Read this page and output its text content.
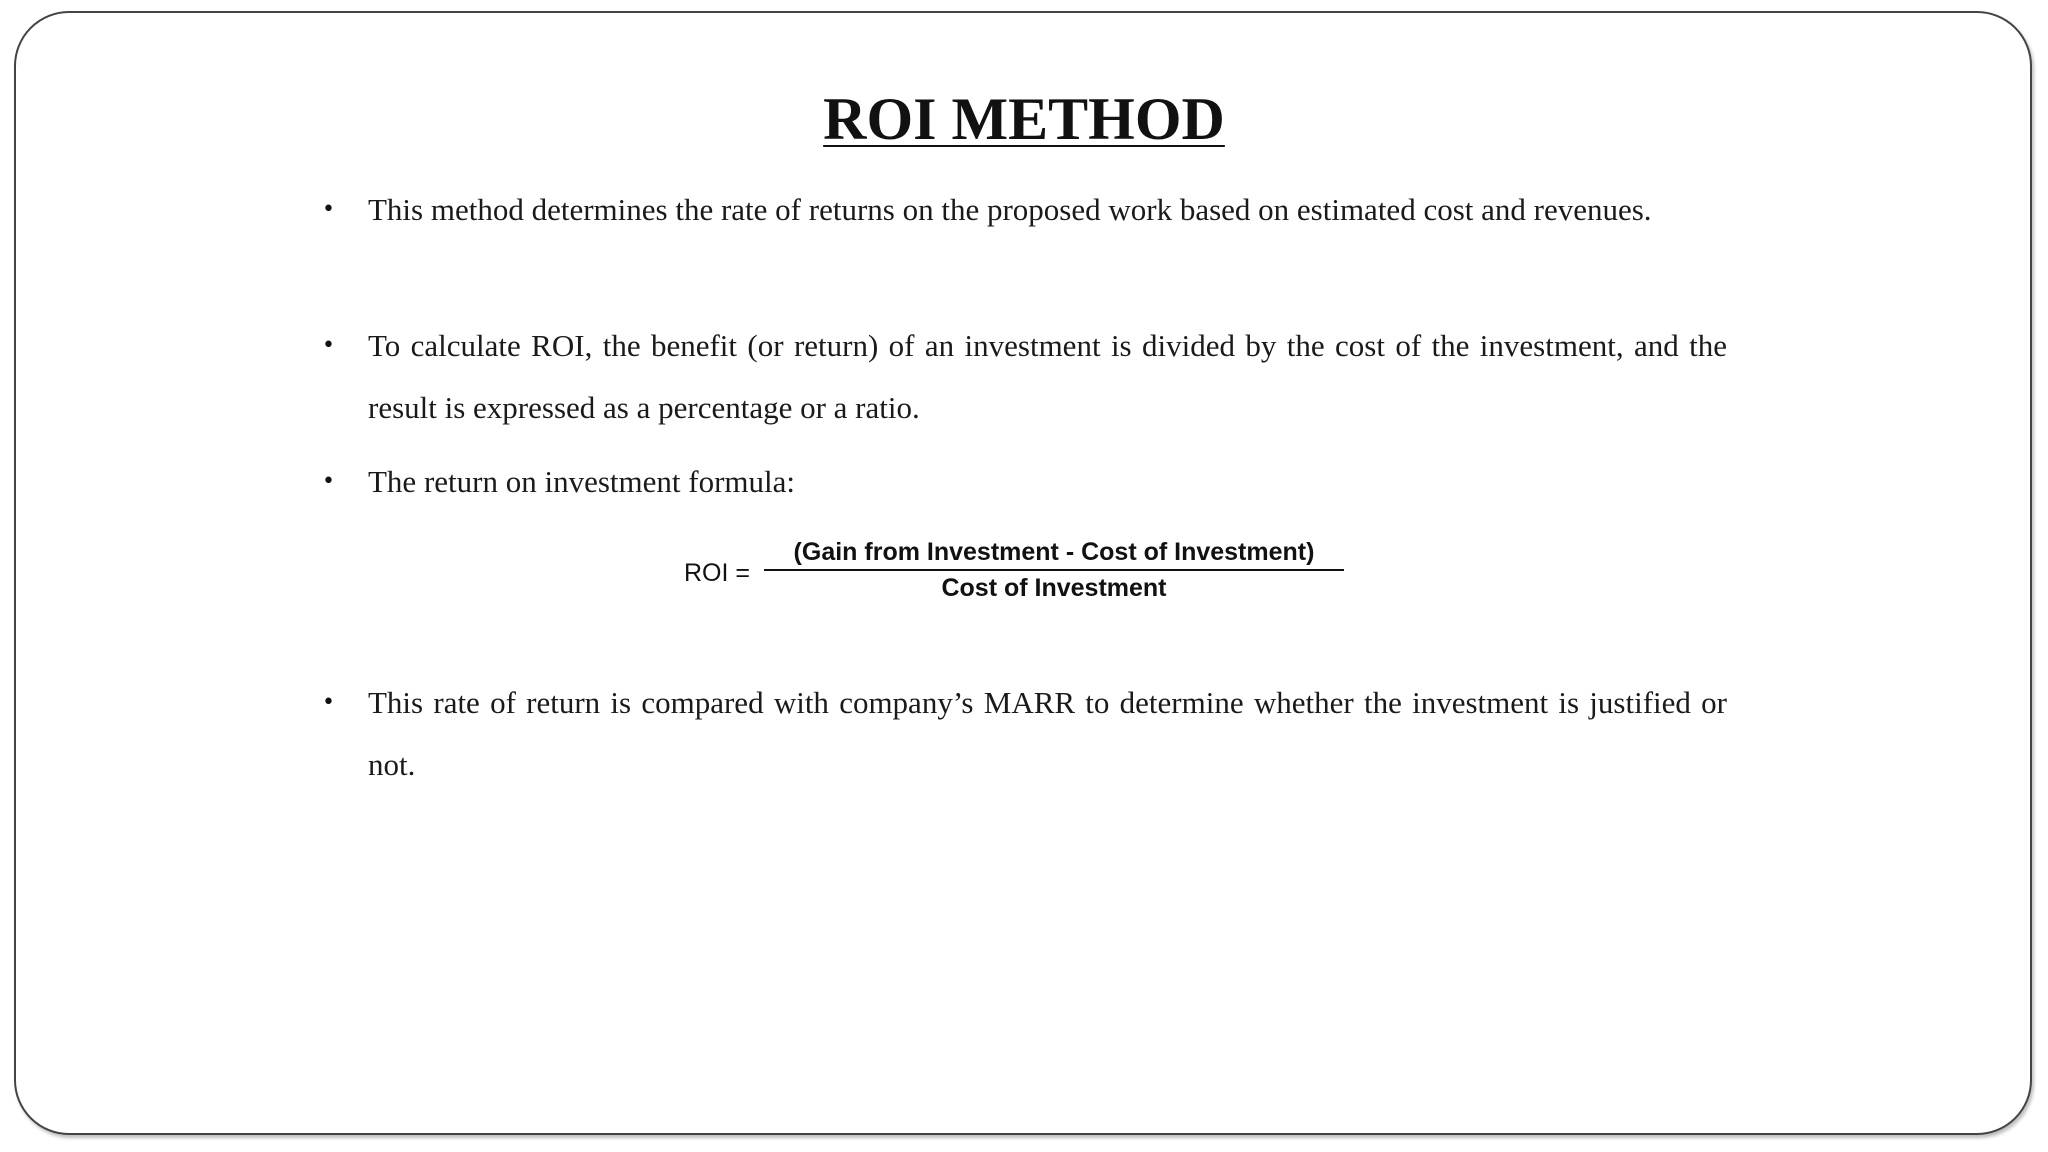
ROI METHOD
• This method determines the rate of returns on the proposed work based on estimated cost and revenues.
• To calculate ROI, the benefit (or return) of an investment is divided by the cost of the investment, and the result is expressed as a percentage or a ratio.
• The return on investment formula:
• This rate of return is compared with company’s MARR to determine whether the investment is justified or not.
ROI =
(Gain from Investment - Cost of Investment)
Cost of Investment
